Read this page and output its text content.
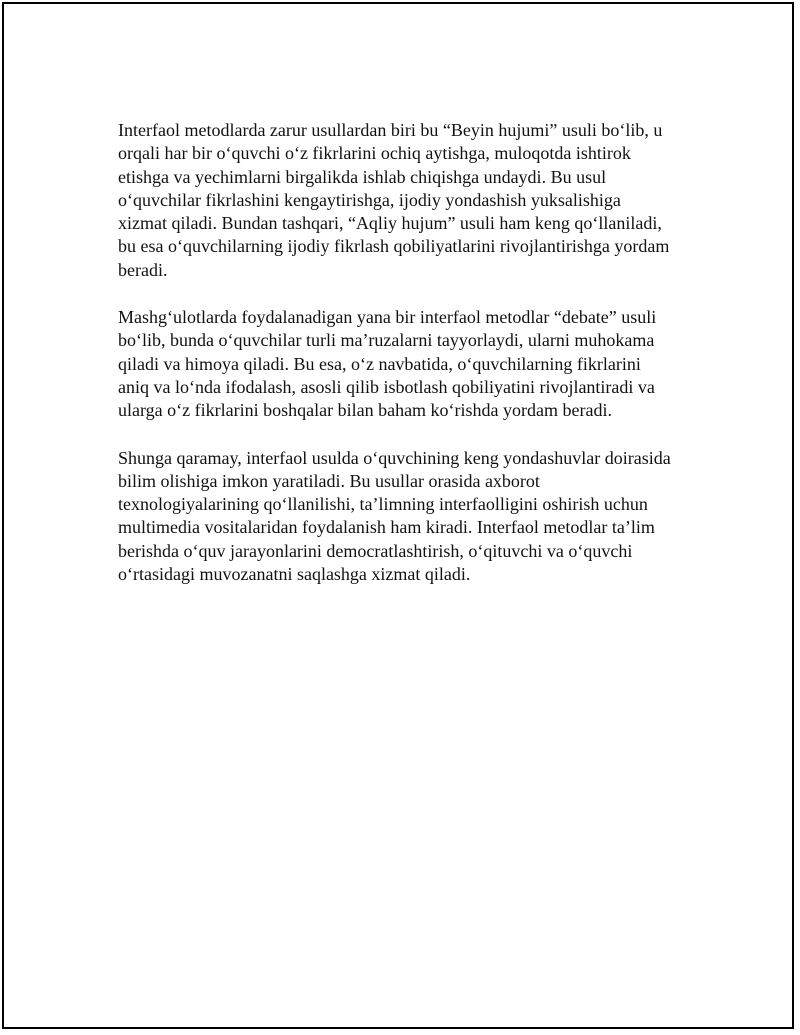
Interfaol metodlarda zarur usullardan biri bu “Beyin hujumi” usuli bo‘lib, u
orqali har bir o‘quvchi o‘z fikrlarini ochiq aytishga, muloqotda ishtirok
etishga va yechimlarni birgalikda ishlab chiqishga undaydi. Bu usul
o‘quvchilar fikrlashini kengaytirishga, ijodiy yondashish yuksalishiga
xizmat qiladi. Bundan tashqari, “Aqliy hujum” usuli ham keng qo‘llaniladi,
bu esa o‘quvchilarning ijodiy fikrlash qobiliyatlarini rivojlantirishga yordam
beradi.

Mashg‘ulotlarda foydalanadigan yana bir interfaol metodlar “debate” usuli
bo‘lib, bunda o‘quvchilar turli ma’ruzalarni tayyorlaydi, ularni muhokama
qiladi va himoya qiladi. Bu esa, o‘z navbatida, o‘quvchilarning fikrlarini
aniq va lo‘nda ifodalash, asosli qilib isbotlash qobiliyatini rivojlantiradi va
ularga o‘z fikrlarini boshqalar bilan baham ko‘rishda yordam beradi.

Shunga qaramay, interfaol usulda o‘quvchining keng yondashuvlar doirasida
bilim olishiga imkon yaratiladi. Bu usullar orasida axborot
texnologiyalarining qo‘llanilishi, ta’limning interfaolligini oshirish uchun
multimedia vositalaridan foydalanish ham kiradi. Interfaol metodlar ta’lim
berishda o‘quv jarayonlarini democratlashtirish, o‘qituvchi va o‘quvchi
o‘rtasidagi muvozanatni saqlashga xizmat qiladi.
